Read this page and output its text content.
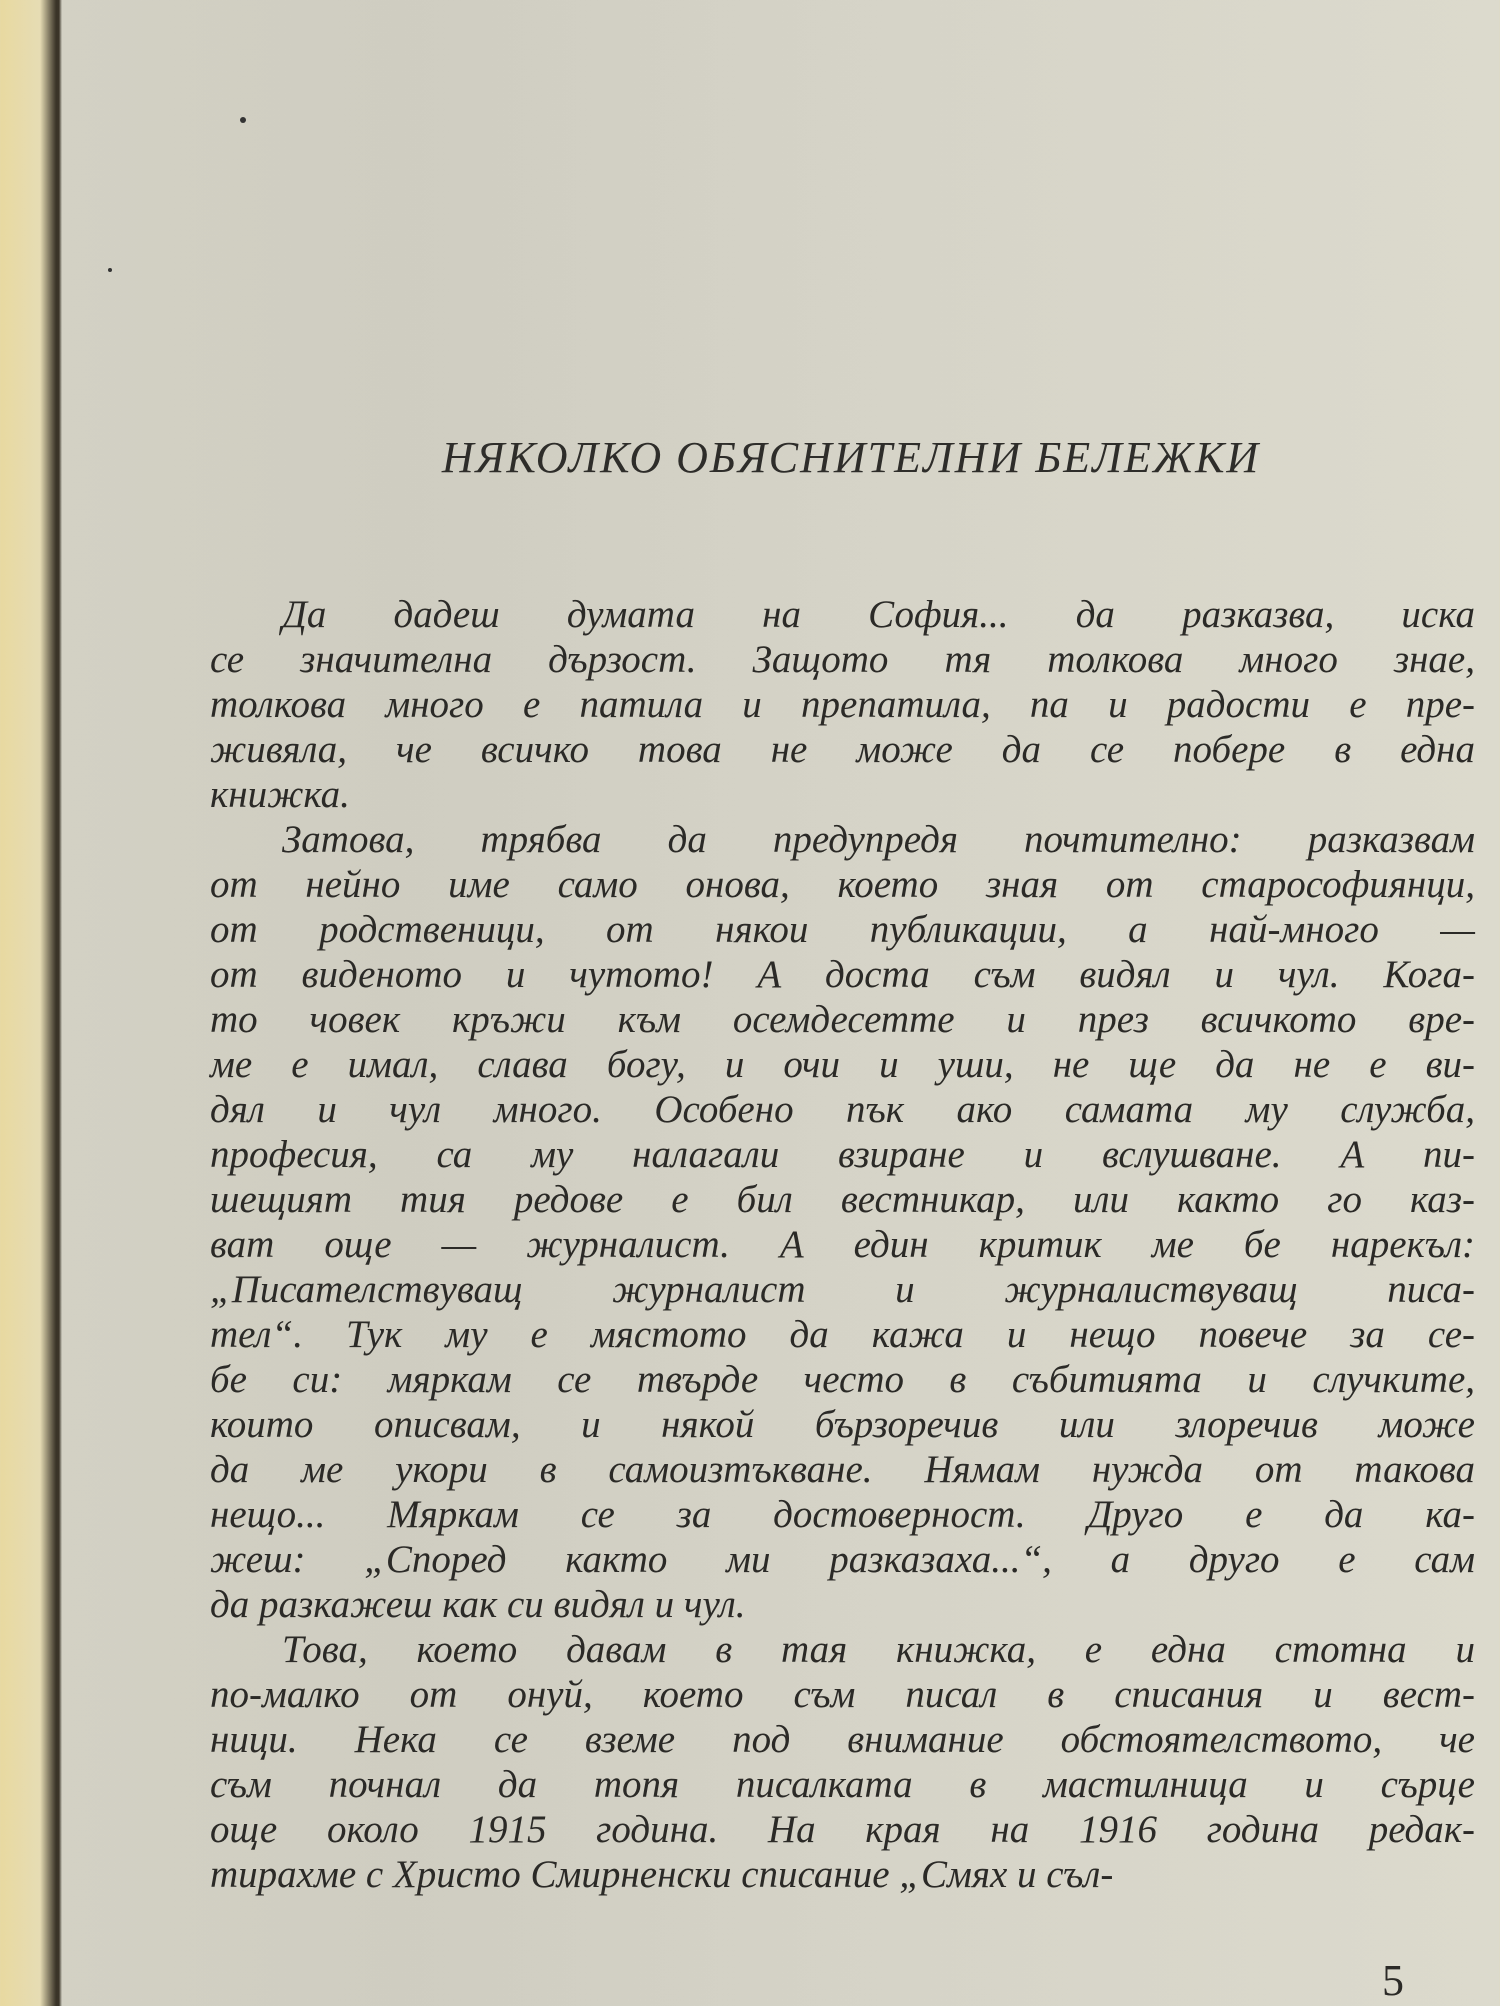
НЯКОЛКО ОБЯСНИТЕЛНИ БЕЛЕЖКИ
Да дадеш думата на София... да разказва, иска
се значителна дързост. Защото тя толкова много знае,
толкова много е патила и препатила, па и радости е пре-
живяла, че всичко това не може да се побере в една
книжка.
Затова, трябва да предупредя почтително: разказвам
от нейно име само онова, което зная от старософиянци,
от родственици, от някои публикации, а най-много —
от виденото и чутото! А доста съм видял и чул. Кога-
то човек кръжи към осемдесетте и през всичкото вре-
ме е имал, слава богу, и очи и уши, не ще да не е ви-
дял и чул много. Особено пък ако самата му служба,
професия, са му налагали взиране и вслушване. А пи-
шещият тия редове е бил вестникар, или както го каз-
ват още — журналист. А един критик ме бе нарекъл:
„Писателствуващ журналист и журналиствуващ писа-
тел“. Тук му е мястото да кажа и нещо повече за се-
бе си: мяркам се твърде често в събитията и случките,
които описвам, и някой бързоречив или злоречив може
да ме укори в самоизтъкване. Нямам нужда от такова
нещо... Мяркам се за достоверност. Друго е да ка-
жеш: „Според както ми разказаха...“, а друго е сам
да разкажеш как си видял и чул.
Това, което давам в тая книжка, е една стотна и
по-малко от онуй, което съм писал в списания и вест-
ници. Нека се вземе под внимание обстоятелството, че
съм почнал да топя писалката в мастилница и сърце
още около 1915 година. На края на 1916 година редак-
тирахме с Христо Смирненски списание „Смях и съл-
5
